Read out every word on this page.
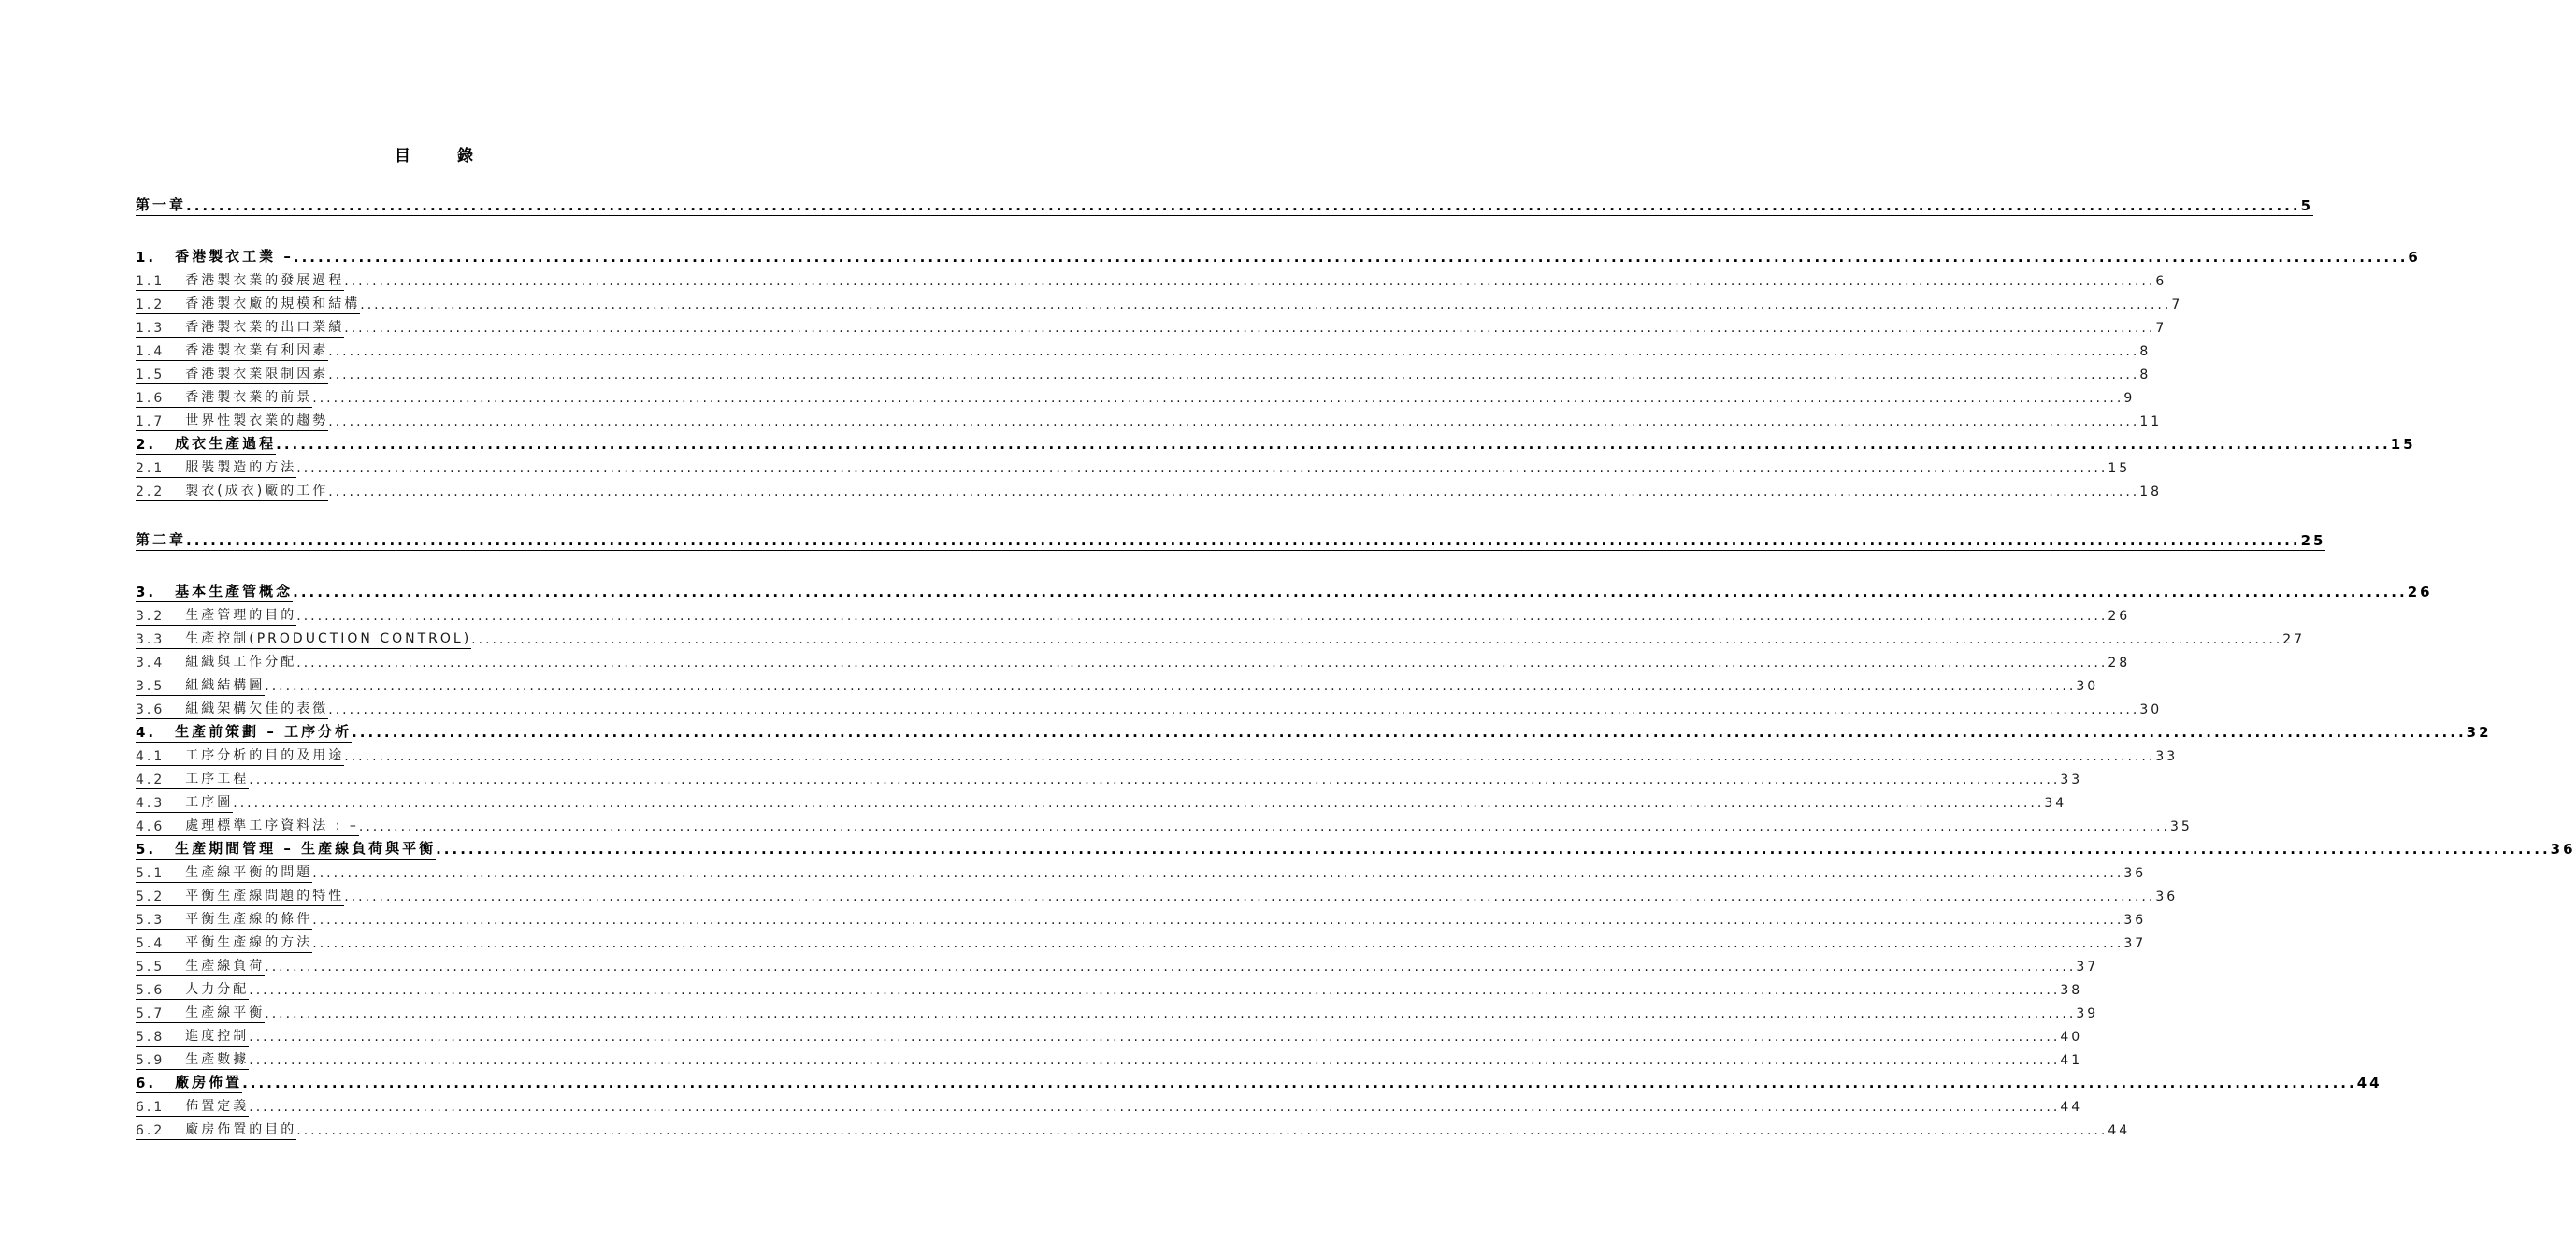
目 錄
第一章 .................................................................................................................................................................................................................................................................... 5
1. 香港製衣工業 – .................................................................................................................................................................................................................................................................... 6
1.1 香港製衣業的發展過程 .................................................................................................................................................................................................................................................................... 6
1.2 香港製衣廠的規模和結構 .................................................................................................................................................................................................................................................................... 7
1.3 香港製衣業的出口業績 .................................................................................................................................................................................................................................................................... 7
1.4 香港製衣業有利因素 .................................................................................................................................................................................................................................................................... 8
1.5 香港製衣業限制因素 .................................................................................................................................................................................................................................................................... 8
1.6 香港製衣業的前景 .................................................................................................................................................................................................................................................................... 9
1.7 世界性製衣業的趨勢 .................................................................................................................................................................................................................................................................... 11
2. 成衣生產過程 .................................................................................................................................................................................................................................................................... 15
2.1 服裝製造的方法 .................................................................................................................................................................................................................................................................... 15
2.2 製衣(成衣)廠的工作 .................................................................................................................................................................................................................................................................... 18
第二章 .................................................................................................................................................................................................................................................................... 25
3. 基本生產管概念 .................................................................................................................................................................................................................................................................... 26
3.2 生產管理的目的 .................................................................................................................................................................................................................................................................... 26
3.3 生產控制(PRODUCTION CONTROL) .................................................................................................................................................................................................................................................................... 27
3.4 組織與工作分配 .................................................................................................................................................................................................................................................................... 28
3.5 組織結構圖 .................................................................................................................................................................................................................................................................... 30
3.6 組織架構欠佳的表徵 .................................................................................................................................................................................................................................................................... 30
4. 生產前策劃 – 工序分析 .................................................................................................................................................................................................................................................................... 32
4.1 工序分析的目的及用途 .................................................................................................................................................................................................................................................................... 33
4.2 工序工程 .................................................................................................................................................................................................................................................................... 33
4.3 工序圖 .................................................................................................................................................................................................................................................................... 34
4.6 處理標準工序資料法 : – .................................................................................................................................................................................................................................................................... 35
5. 生產期間管理 – 生產線負荷與平衡 .................................................................................................................................................................................................................................................................... 36
5.1 生產線平衡的問題 .................................................................................................................................................................................................................................................................... 36
5.2 平衡生產線問題的特性 .................................................................................................................................................................................................................................................................... 36
5.3 平衡生產線的條件 .................................................................................................................................................................................................................................................................... 36
5.4 平衡生產線的方法 .................................................................................................................................................................................................................................................................... 37
5.5 生產線負荷 .................................................................................................................................................................................................................................................................... 37
5.6 人力分配 .................................................................................................................................................................................................................................................................... 38
5.7 生產線平衡 .................................................................................................................................................................................................................................................................... 39
5.8 進度控制 .................................................................................................................................................................................................................................................................... 40
5.9 生產數據 .................................................................................................................................................................................................................................................................... 41
6. 廠房佈置 .................................................................................................................................................................................................................................................................... 44
6.1 佈置定義 .................................................................................................................................................................................................................................................................... 44
6.2 廠房佈置的目的 .................................................................................................................................................................................................................................................................... 44
